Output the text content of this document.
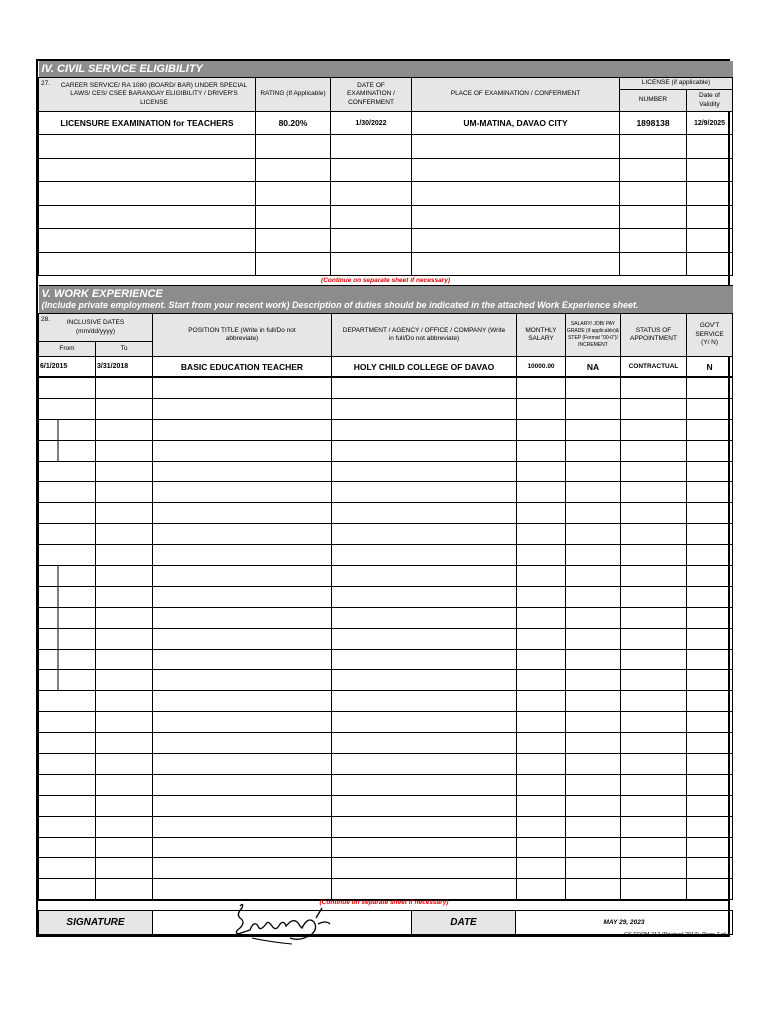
IV. CIVIL SERVICE ELIGIBILITY					

27. CAREER SERVICE/ RA 1080 (BOARD/ BAR) UNDER SPECIAL LAWS/ CES/ CSEE BARANGAY ELIGIBILITY / DRIVER'S LICENSE	RATING (If Applicable)	DATE OF EXAMINATION / CONFERMENT	PLACE OF EXAMINATION / CONFERMENT	LICENSE (if applicable)	
				NUMBER	Date of Validity
LICENSURE EXAMINATION for TEACHERS	80.20%	1/30/2022	UM-MATINA, DAVAO CITY	1898138	12/9/2025

(Continue on separate sheet if necessary)					
V. WORK EXPERIENCE							
(Include private employment. Start from your recent work) Description of duties should be indicated in the attached Work Experience sheet.							

28. INCLUSIVE DATES (mm/dd/yyyy)		POSITION TITLE (Write in full/Do not abbreviate)	DEPARTMENT / AGENCY / OFFICE / COMPANY (Write in full/Do not abbreviate)	MONTHLY SALARY	SALARY/ JOB/ PAY GRADE (if applicable)& STEP (Format "00-0")/ INCREMENT	STATUS OF APPOINTMENT	GOV'T SERVICE (Y/ N)
From	To						
6/1/2015	3/31/2018	BASIC EDUCATION TEACHER	HOLY CHILD COLLEGE OF DAVAO	10000.00	NA	CONTRACTUAL	N

SIGNATURE		DATE	MAY 29, 2023
(Continue on separate sheet if necessary)
CS FORM 212 (Revised 2017), Page 2 of 4
